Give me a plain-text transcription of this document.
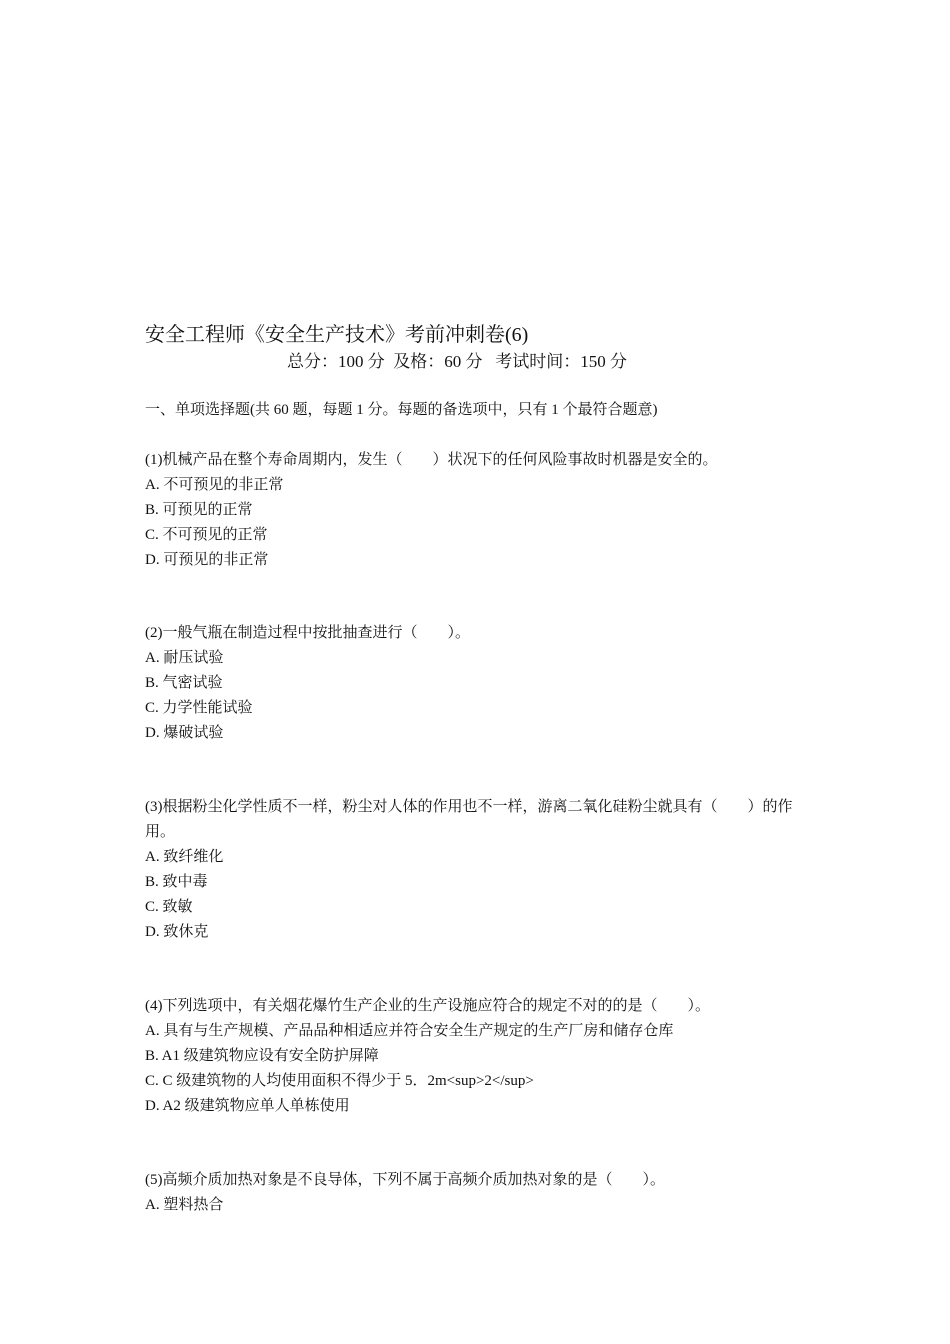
安全工程师《安全生产技术》考前冲刺卷(6)
总分：100 分  及格：60 分   考试时间：150 分
一、单项选择题(共 60 题，每题 1 分。每题的备选项中，只有 1 个最符合题意)
(1)机械产品在整个寿命周期内，发生（        ）状况下的任何风险事故时机器是安全的。
A. 不可预见的非正常
B. 可预见的正常
C. 不可预见的正常
D. 可预见的非正常
(2)一般气瓶在制造过程中按批抽查进行（        ）。
A. 耐压试验
B. 气密试验
C. 力学性能试验
D. 爆破试验
(3)根据粉尘化学性质不一样，粉尘对人体的作用也不一样，游离二氧化硅粉尘就具有（        ）的作用。
A. 致纤维化
B. 致中毒
C. 致敏
D. 致休克
(4)下列选项中，有关烟花爆竹生产企业的生产设施应符合的规定不对的的是（        ）。
A. 具有与生产规模、产品品种相适应并符合安全生产规定的生产厂房和储存仓库
B. A1 级建筑物应设有安全防护屏障
C. C 级建筑物的人均使用面积不得少于 5．2m<sup>2</sup>
D. A2 级建筑物应单人单栋使用
(5)高频介质加热对象是不良导体，下列不属于高频介质加热对象的是（        ）。
A. 塑料热合
